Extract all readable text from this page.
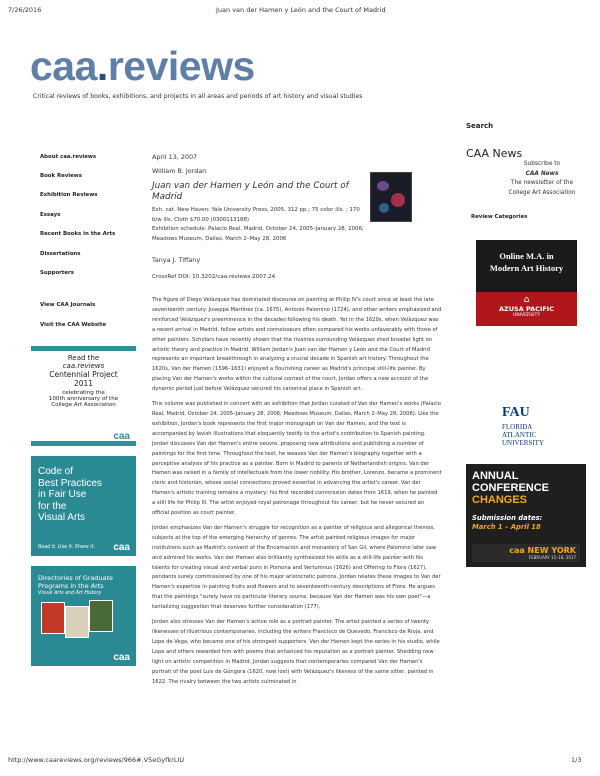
7/26/2016	Juan van der Hamen y León and the Court of Madrid
caa.reviews
Critical reviews of books, exhibitions, and projects in all areas and periods of art history and visual studies
About caa.reviews
Book Reviews
Exhibition Reviews
Essays
Recent Books in the Arts
Dissertations
Supporters
View CAA Journals
Visit the CAA Website
Read the
caa.reviews
Centennial Project
2011
celebrating the
100th anniversary of the
College Art Association
caa
Code of
Best Practices
in Fair Use
for the
Visual Arts
Read it. Use it. Share it. caa
Directories of Graduate
Programs in the Arts
Visual Arts and Art History
caa
April 13, 2007
William B. Jordan
Juan van der Hamen y León and the Court of Madrid
Exh. cat. New Haven: Yale University Press, 2005. 312 pp.; 75 color ills. ; 170 b/w ills. Cloth $70.00 (0300113188)
Exhibition schedule: Palacio Real, Madrid, October 24, 2005–January 28, 2006; Meadows Museum, Dallas, March 2–May 28, 2006
Tanya J. Tiffany
CrossRef DOI: 10.3202/caa.reviews.2007.24

The figure of Diego Velázquez has dominated discourse on painting at Philip IV's court since at least the late seventeenth century. Juseppe Martínez (ca. 1675), Antonio Palomino (1724), and other writers emphasized and reinforced Velázquez's preeminence in the decades following his death. Yet in the 1620s, when Velázquez was a recent arrival in Madrid, fellow artists and connoisseurs often compared his works unfavorably with those of other painters. Scholars have recently shown that the rivalries surrounding Velázquez shed broader light on artistic theory and practice in Madrid. William Jordan's Juan van der Hamen y León and the Court of Madrid represents an important breakthrough in analyzing a crucial decade in Spanish art history. Throughout the 1620s, Van der Hamen (1596–1631) enjoyed a flourishing career as Madrid's principal still-life painter. By placing Van der Hamen's works within the cultural context of the court, Jordan offers a new account of the dynamic period just before Velázquez secured his canonical place in Spanish art.

This volume was published in concert with an exhibition that Jordan curated of Van der Hamen's works (Palacio Real, Madrid, October 24, 2005–January 28, 2006; Meadows Museum, Dallas, March 2–May 28, 2006). Like the exhibition, Jordan's book represents the first major monograph on Van der Hamen, and the text is accompanied by lavish illustrations that eloquently testify to the artist's contribution to Spanish painting. Jordan discusses Van der Hamen's entire oeuvre, proposing new attributions and publishing a number of paintings for the first time. Throughout the text, he weaves Van der Hamen's biography together with a perceptive analysis of his practice as a painter. Born in Madrid to parents of Netherlandish origins, Van der Hamen was raised in a family of intellectuals from the lower nobility. His brother, Lorenzo, became a prominent cleric and historian, whose social connections proved essential in advancing the artist's career. Van der Hamen's artistic training remains a mystery; his first recorded commission dates from 1619, when he painted a still life for Philip III. The artist enjoyed royal patronage throughout his career, but he never secured an official position as court painter.

Jordan emphasizes Van der Hamen's struggle for recognition as a painter of religious and allegorical themes, subjects at the top of the emerging hierarchy of genres. The artist painted religious images for major institutions such as Madrid's convent of the Encarnación and monastery of San Gil, where Palomino later saw and admired his works. Van der Hamen also brilliantly synthesized his skills as a still-life painter with his talents for creating visual and verbal puns in Pomona and Vertumnus (1626) and Offering to Flora (1627), pendants surely commissioned by one of his major aristocratic patrons. Jordan relates these images to Van der Hamen's expertise in painting fruits and flowers and to seventeenth-century descriptions of Flora. He argues that the paintings "surely have no particular literary source, because Van der Hamen was his own poet"—a tantalizing suggestion that deserves further consideration (177).

Jordan also stresses Van der Hamen's active role as a portrait painter. The artist painted a series of twenty likenesses of illustrious contemporaries, including the writers Francisco de Quevedo, Francisco de Rioja, and Lope de Vega, who became one of his strongest supporters. Van der Hamen kept the series in his studio, while Lope and others rewarded him with poems that enhanced his reputation as a portrait painter. Shedding new light on artistic competition in Madrid, Jordan suggests that contemporaries compared Van der Hamen's portrait of the poet Luis de Góngora (1620, now lost) with Velázquez's likeness of the same sitter, painted in 1622. The rivalry between the two artists culminated in

Search
CAA News
Subscribe to
CAA News
The newsletter of the
College Art Association
Review Categories
Online M.A. in
Modern Art History
⌂
AZUSA PACIFIC
UNIVERSITY
FAU
FLORIDA
ATLANTIC
UNIVERSITY
ANNUAL
CONFERENCE
CHANGES
Submission dates:
March 1 – April 18
caa NEW YORK
FEBRUARY 15–18, 2017
http://www.caareviews.org/reviews/966#.V5eGyfkrLIU	1/3
